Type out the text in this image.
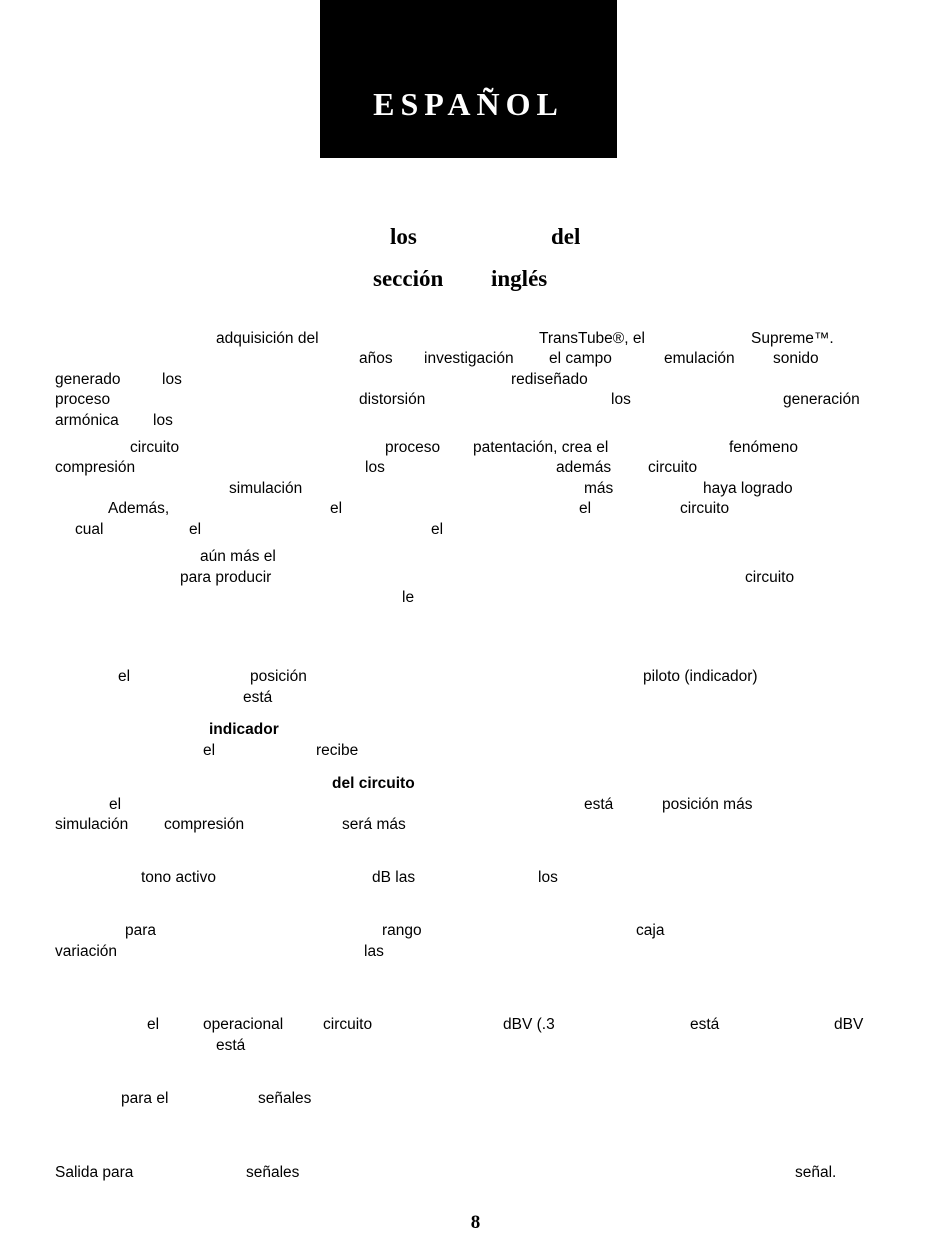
ESPAÑOL
los	del
sección inglés
adquisición del	TransTube®, el	Supreme™.
años investigación el campo	emulación sonido
generado	los	rediseñado
proceso	distorsión	los	generación
armónica los
circuito	proceso patentación, crea el	fenómeno
compresión	los	además circuito
simulación	más	haya logrado
Además,	el	el	circuito
cual	el	el
aún más el
para producir	circuito
le
el	posición	piloto (indicador)
está
indicador
el	recibe
del circuito
el	está	posición más
simulación compresión	será más
tono activo	dB las	los
para	rango	caja
variación	las
el	operacional	circuito	dBV (.3	está	dBV
está
para el	señales
Salida para	señales	señal.
8
